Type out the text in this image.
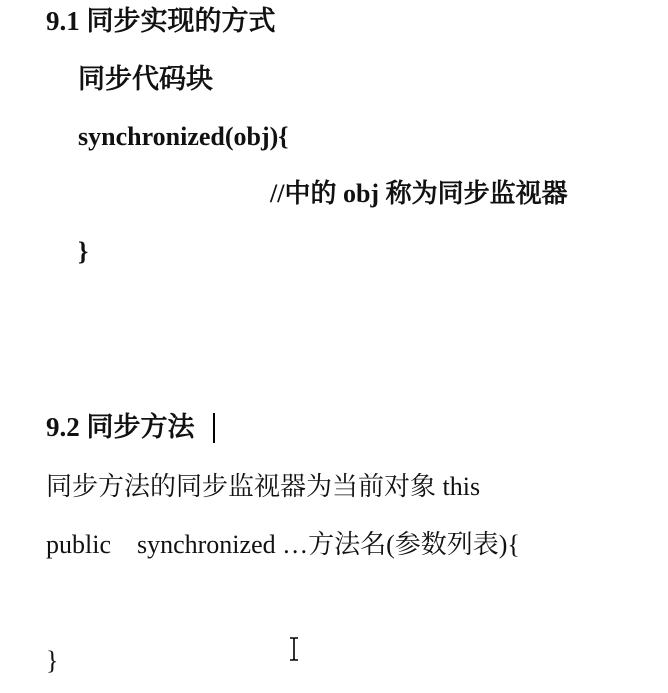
9.1 同步实现的方式
同步代码块
synchronized(obj){
//中的 obj 称为同步监视器
}
9.2 同步方法
同步方法的同步监视器为当前对象 this
public    synchronized …方法名(参数列表){
}
